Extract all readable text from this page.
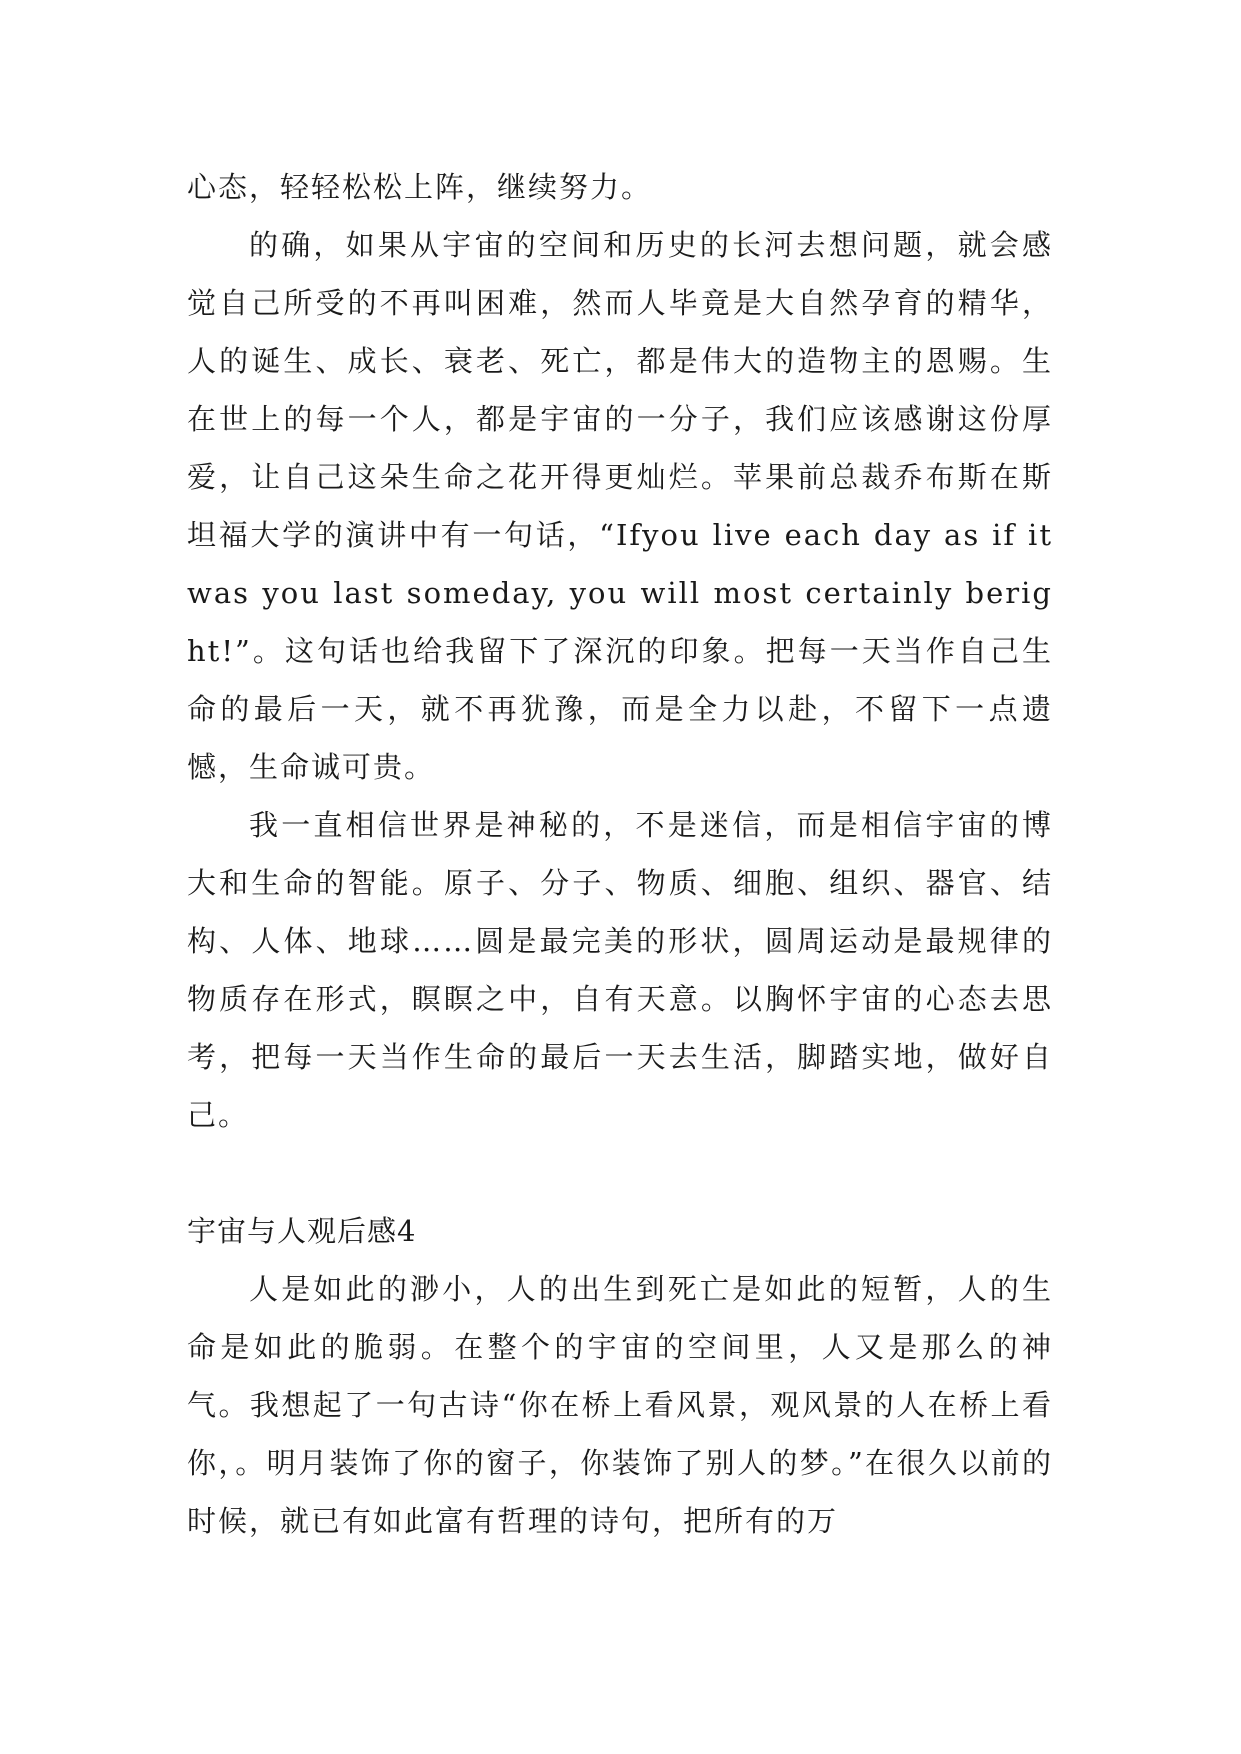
心态，轻轻松松上阵，继续努力。

的确，如果从宇宙的空间和历史的长河去想问题，就会感觉自己所受的不再叫困难，然而人毕竟是大自然孕育的精华，人的诞生、成长、衰老、死亡，都是伟大的造物主的恩赐。生在世上的每一个人，都是宇宙的一分子，我们应该感谢这份厚爱，让自己这朵生命之花开得更灿烂。苹果前总裁乔布斯在斯坦福大学的演讲中有一句话，“Ifyou live each day as if it was you last someday, you will most certainly beright!”。这句话也给我留下了深沉的印象。把每一天当作自己生命的最后一天，就不再犹豫，而是全力以赴，不留下一点遗憾，生命诚可贵。

我一直相信世界是神秘的，不是迷信，而是相信宇宙的博大和生命的智能。原子、分子、物质、细胞、组织、器官、结构、人体、地球……圆是最完美的形状，圆周运动是最规律的物质存在形式，瞑瞑之中，自有天意。以胸怀宇宙的心态去思考，把每一天当作生命的最后一天去生活，脚踏实地，做好自己。

宇宙与人观后感4

人是如此的渺小，人的出生到死亡是如此的短暂，人的生命是如此的脆弱。在整个的宇宙的空间里，人又是那么的神气。我想起了一句古诗“你在桥上看风景，观风景的人在桥上看你，。明月装饰了你的窗子，你装饰了别人的梦。”在很久以前的时候，就已有如此富有哲理的诗句，把所有的万
